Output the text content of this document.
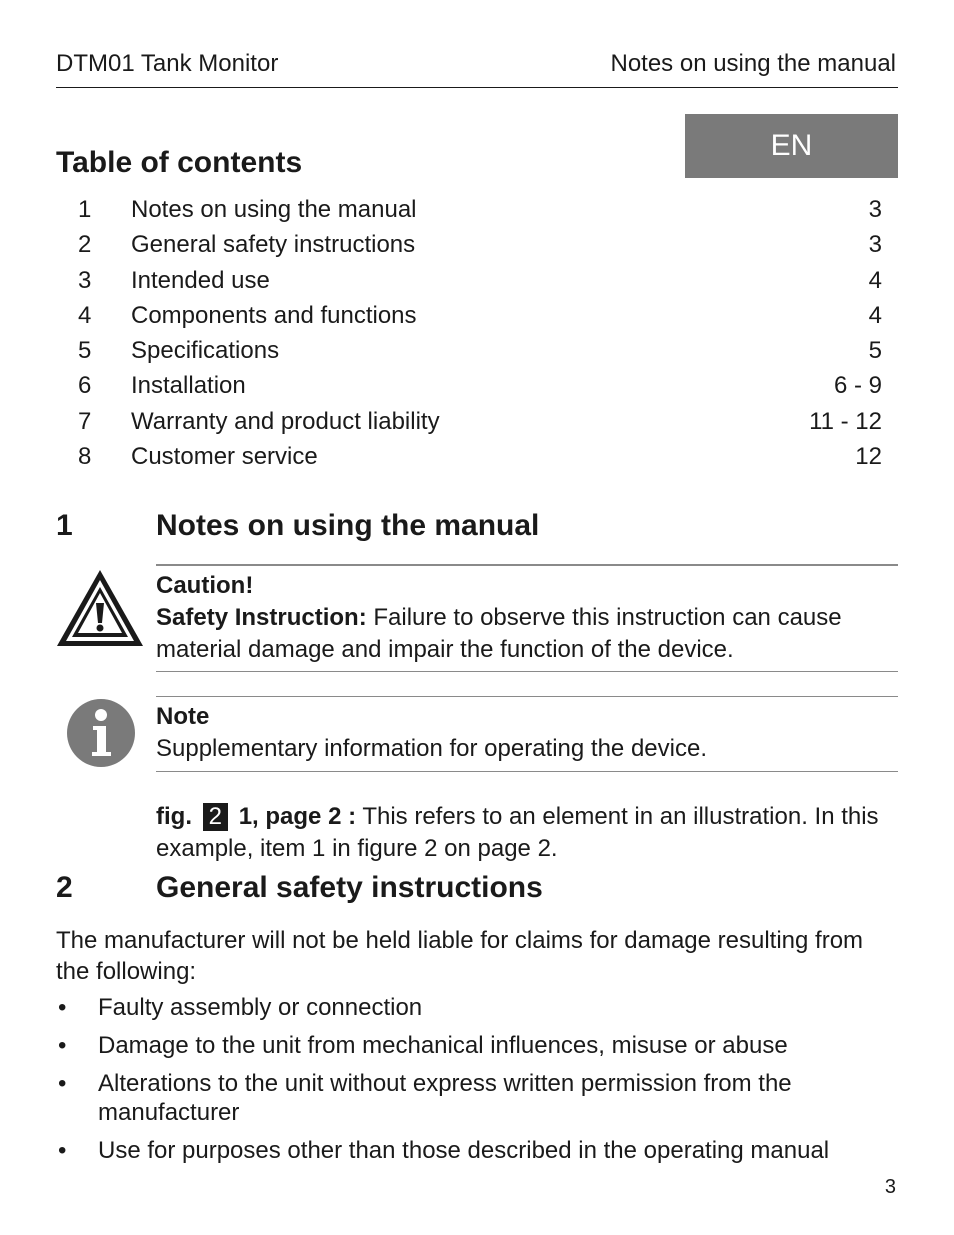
DTM01 Tank Monitor	Notes on using the manual
EN
Table of contents
1 Notes on using the manual	3
2 General safety instructions	3
3 Intended use	4
4 Components and functions	4
5 Specifications	5
6 Installation	6 - 9
7 Warranty and product liability	11 - 12
8 Customer service	12
1	Notes on using the manual
Caution!
Safety Instruction: Failure to observe this instruction can cause material damage and impair the function of the device.
Note
Supplementary information for operating the device.
fig. 2 1, page 2 : This refers to an element in an illustration. In this example, item 1 in figure 2 on page 2.
2	General safety instructions
The manufacturer will not be held liable for claims for damage resulting from the following:
• Faulty assembly or connection
• Damage to the unit from mechanical influences, misuse or abuse
• Alterations to the unit without express written permission from the manufacturer
• Use for purposes other than those described in the operating manual
3
